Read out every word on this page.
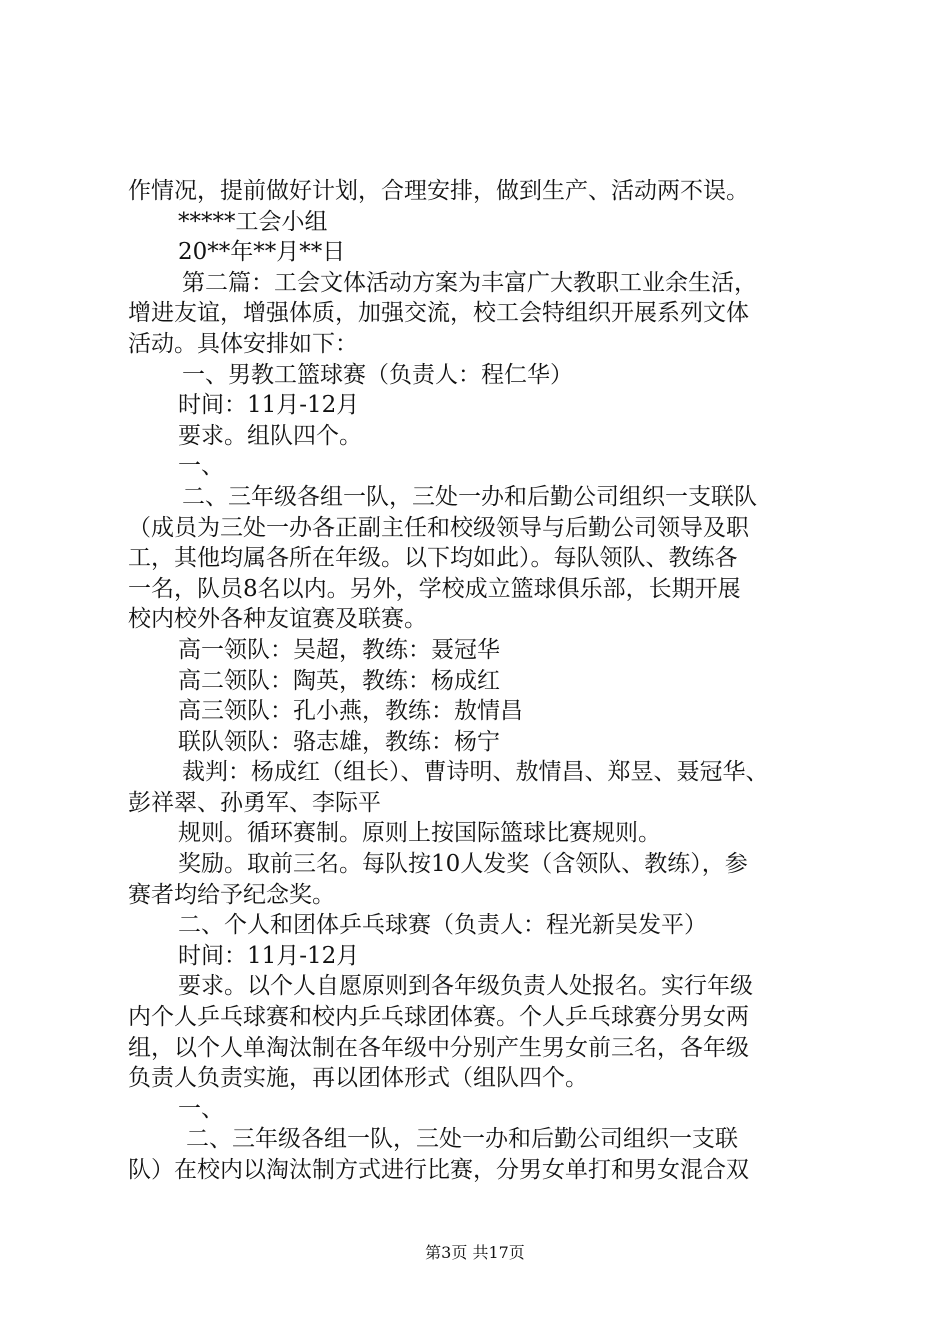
作情况，提前做好计划，合理安排，做到生产、活动两不误。
*****工会小组
20**年**月**日
第二篇：工会文体活动方案为丰富广大教职工业余生活，
增进友谊，增强体质，加强交流，校工会特组织开展系列文体
活动。具体安排如下：
一、男教工篮球赛（负责人：程仁华）
时间：11月-12月
要求。组队四个。
一、
二、三年级各组一队，三处一办和后勤公司组织一支联队
（成员为三处一办各正副主任和校级领导与后勤公司领导及职
工，其他均属各所在年级。以下均如此）。每队领队、教练各
一名，队员8名以内。另外，学校成立篮球俱乐部，长期开展
校内校外各种友谊赛及联赛。
高一领队：吴超，教练：聂冠华
高二领队：陶英，教练：杨成红
高三领队：孔小燕，教练：敖情昌
联队领队：骆志雄，教练：杨宁
裁判：杨成红（组长）、曹诗明、敖情昌、郑昱、聂冠华、
彭祥翠、孙勇军、李际平
规则。循环赛制。原则上按国际篮球比赛规则。
奖励。取前三名。每队按10人发奖（含领队、教练），参
赛者均给予纪念奖。
二、个人和团体乒乓球赛（负责人：程光新吴发平）
时间：11月-12月
要求。以个人自愿原则到各年级负责人处报名。实行年级
内个人乒乓球赛和校内乒乓球团体赛。个人乒乓球赛分男女两
组，以个人单淘汰制在各年级中分别产生男女前三名，各年级
负责人负责实施，再以团体形式（组队四个。
一、
二、三年级各组一队，三处一办和后勤公司组织一支联
队）在校内以淘汰制方式进行比赛，分男女单打和男女混合双
第3页 共17页
